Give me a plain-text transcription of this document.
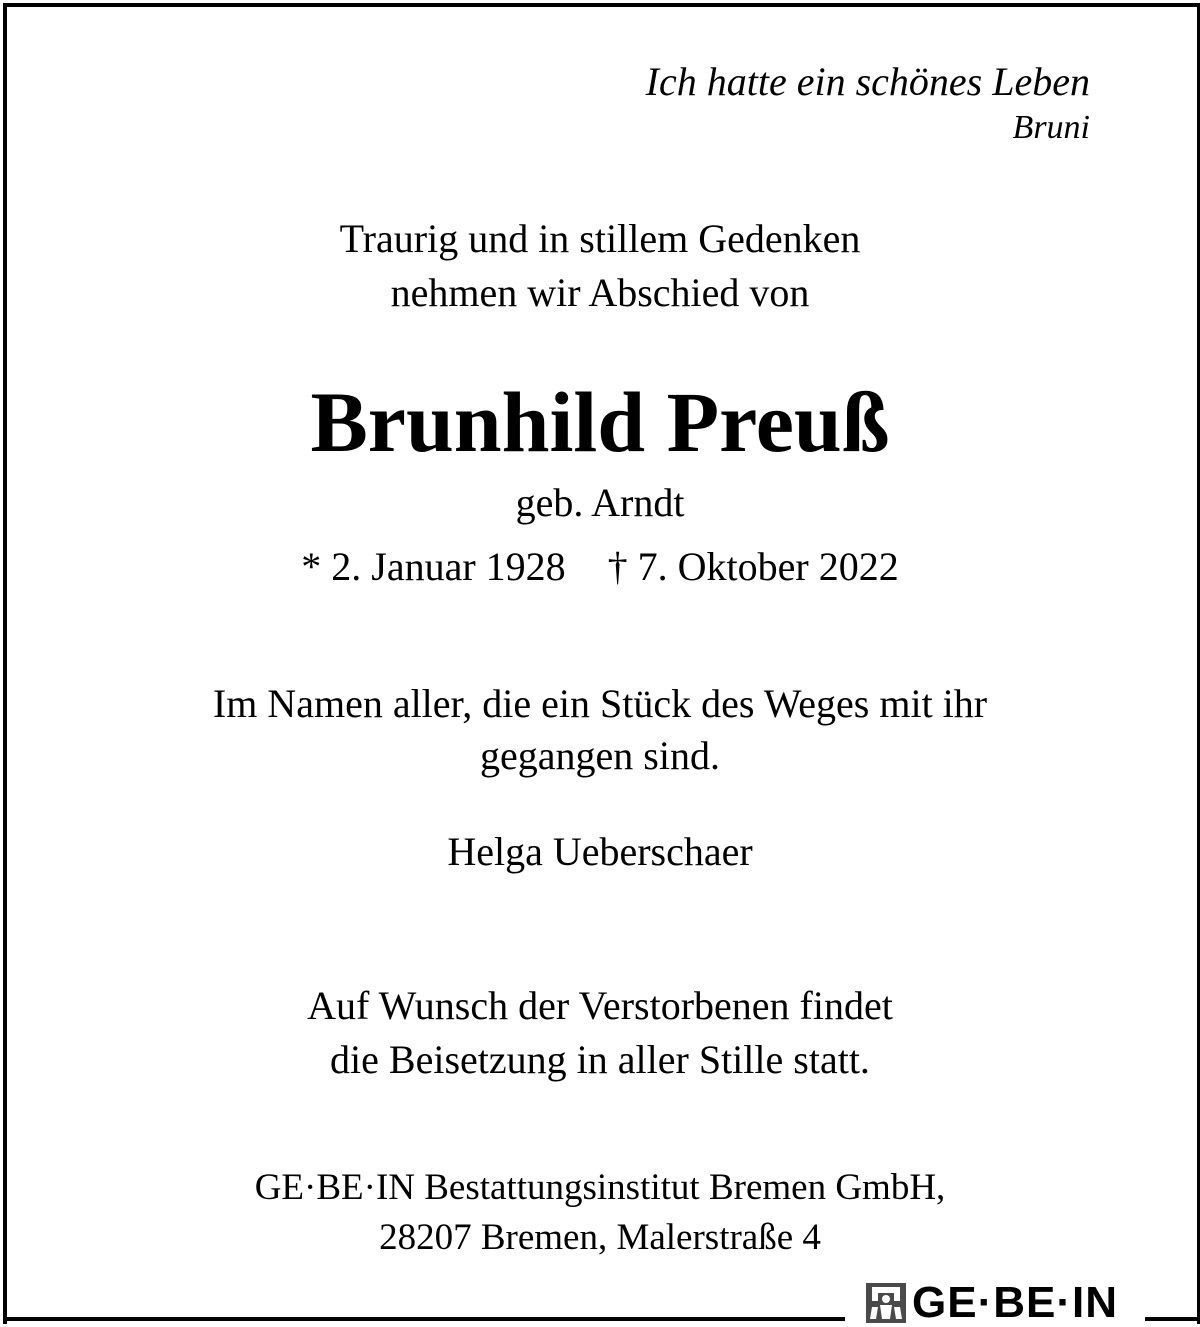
Ich hatte ein schönes Leben
Bruni
Traurig und in stillem Gedenken
nehmen wir Abschied von
Brunhild Preuß
geb. Arndt
* 2. Januar 1928 † 7. Oktober 2022
Im Namen aller, die ein Stück des Weges mit ihr
gegangen sind.
Helga Ueberschaer
Auf Wunsch der Verstorbenen findet
die Beisetzung in aller Stille statt.
GE·BE·IN Bestattungsinstitut Bremen GmbH,
28207 Bremen, Malerstraße 4
GE·BE·IN
